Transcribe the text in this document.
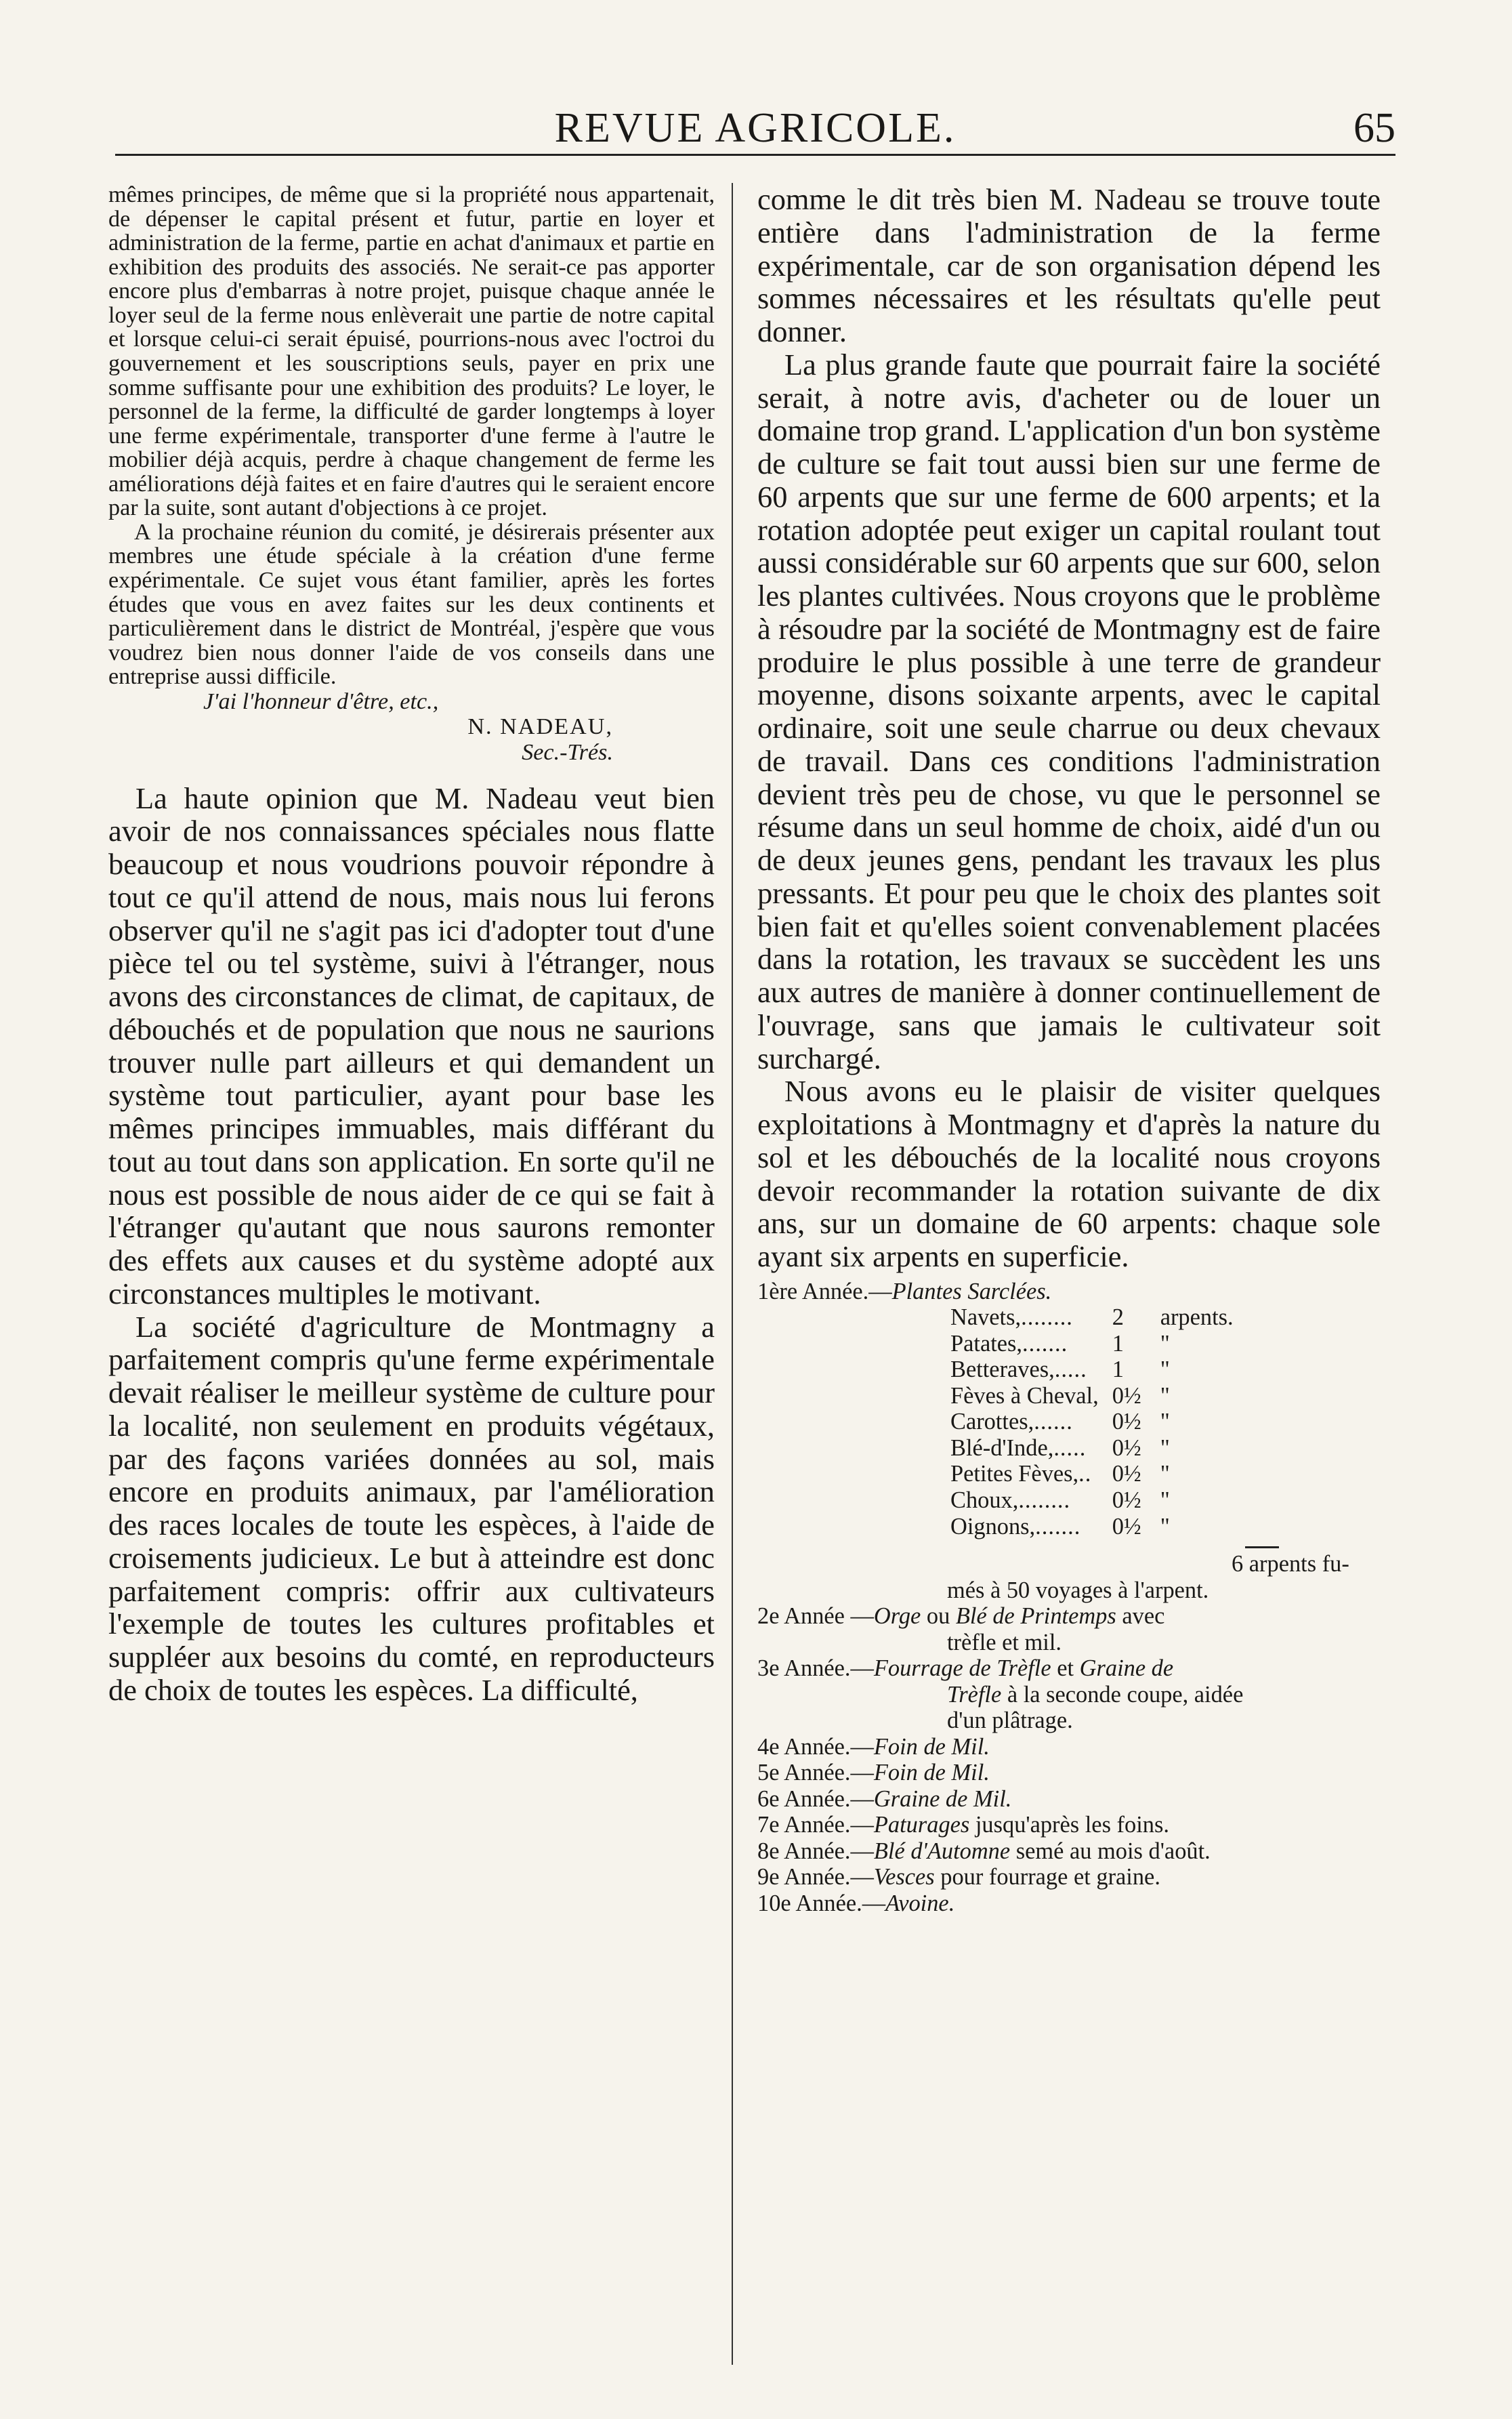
REVUE AGRICOLE.	65

mêmes principes, de même que si la propriété nous appartenait, de dépenser le capital présent et futur, partie en loyer et administration de la ferme, partie en achat d'animaux et partie en exhibition des produits des associés. Ne serait-ce pas apporter encore plus d'embarras à notre projet, puisque chaque année le loyer seul de la ferme nous enlèverait une partie de notre capital et lorsque celui-ci serait épuisé, pourrions-nous avec l'octroi du gouvernement et les souscriptions seuls, payer en prix une somme suffisante pour une exhibition des produits? Le loyer, le personnel de la ferme, la difficulté de garder longtemps à loyer une ferme expérimentale, transporter d'une ferme à l'autre le mobilier déjà acquis, perdre à chaque changement de ferme les améliorations déjà faites et en faire d'autres qui le seraient encore par la suite, sont autant d'objections à ce projet.

A la prochaine réunion du comité, je désirerais présenter aux membres une étude spéciale à la création d'une ferme expérimentale. Ce sujet vous étant familier, après les fortes études que vous en avez faites sur les deux continents et particulièrement dans le district de Montréal, j'espère que vous voudrez bien nous donner l'aide de vos conseils dans une entreprise aussi difficile.

J'ai l'honneur d'être, etc.,
N. NADEAU,
Sec.-Trés.

La haute opinion que M. Nadeau veut bien avoir de nos connaissances spéciales nous flatte beaucoup et nous voudrions pouvoir répondre à tout ce qu'il attend de nous, mais nous lui ferons observer qu'il ne s'agit pas ici d'adopter tout d'une pièce tel ou tel système, suivi à l'étranger, nous avons des circonstances de climat, de capitaux, de débouchés et de population que nous ne saurions trouver nulle part ailleurs et qui demandent un système tout particulier, ayant pour base les mêmes principes immuables, mais différant du tout au tout dans son application. En sorte qu'il ne nous est possible de nous aider de ce qui se fait à l'étranger qu'autant que nous saurons remonter des effets aux causes et du système adopté aux circonstances multiples le motivant.

La société d'agriculture de Montmagny a parfaitement compris qu'une ferme expérimentale devait réaliser le meilleur système de culture pour la localité, non seulement en produits végétaux, par des façons variées données au sol, mais encore en produits animaux, par l'amélioration des races locales de toute les espèces, à l'aide de croisements judicieux. Le but à atteindre est donc parfaitement compris: offrir aux cultivateurs l'exemple de toutes les cultures profitables et suppléer aux besoins du comté, en reproducteurs de choix de toutes les espèces. La difficulté,

comme le dit très bien M. Nadeau se trouve toute entière dans l'administration de la ferme expérimentale, car de son organisation dépend les sommes nécessaires et les résultats qu'elle peut donner.

La plus grande faute que pourrait faire la société serait, à notre avis, d'acheter ou de louer un domaine trop grand. L'application d'un bon système de culture se fait tout aussi bien sur une ferme de 60 arpents que sur une ferme de 600 arpents; et la rotation adoptée peut exiger un capital roulant tout aussi considérable sur 60 arpents que sur 600, selon les plantes cultivées. Nous croyons que le problème à résoudre par la société de Montmagny est de faire produire le plus possible à une terre de grandeur moyenne, disons soixante arpents, avec le capital ordinaire, soit une seule charrue ou deux chevaux de travail. Dans ces conditions l'administration devient très peu de chose, vu que le personnel se résume dans un seul homme de choix, aidé d'un ou de deux jeunes gens, pendant les travaux les plus pressants. Et pour peu que le choix des plantes soit bien fait et qu'elles soient convenablement placées dans la rotation, les travaux se succèdent les uns aux autres de manière à donner continuellement de l'ouvrage, sans que jamais le cultivateur soit surchargé.

Nous avons eu le plaisir de visiter quelques exploitations à Montmagny et d'après la nature du sol et les débouchés de la localité nous croyons devoir recommander la rotation suivante de dix ans, sur un domaine de 60 arpents: chaque sole ayant six arpents en superficie.

1ère Année.—Plantes Sarclées.
Navets,........	2	arpents.
Patates,.......	1	"
Betteraves,.....	1	"
Fèves à Cheval,	0½	"
Carottes,......	0½	"
Blé-d'Inde,.....	0½	"
Petites Fèves,..	0½	"
Choux,........	0½	"
Oignons,.......	0½	"
6 arpents fu-
més à 50 voyages à l'arpent.
2e Année —Orge ou Blé de Printemps avec
trèfle et mil.
3e Année.—Fourrage de Trèfle et Graine de
Trèfle à la seconde coupe, aidée
d'un plâtrage.
4e Année.—Foin de Mil.
5e Année.—Foin de Mil.
6e Année.—Graine de Mil.
7e Année.—Paturages jusqu'après les foins.
8e Année.—Blé d'Automne semé au mois d'août.
9e Année.—Vesces pour fourrage et graine.
10e Année.—Avoine.
